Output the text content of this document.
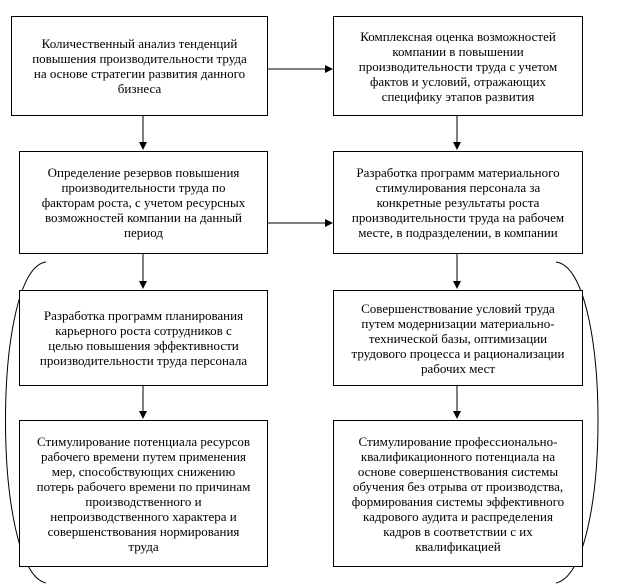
Количественный анализ тенденций
повышения производительности труда
на основе стратегии развития данного
бизнеса
Определение резервов повышения
производительности труда по
факторам роста, с учетом ресурсных
возможностей компании на данный
период
Разработка программ планирования
карьерного роста сотрудников с
целью повышения эффективности
производительности труда персонала
Стимулирование потенциала ресурсов
рабочего времени путем применения
мер, способствующих снижению
потерь рабочего времени по причинам
производственного и
непроизводственного характера и
совершенствования нормирования
труда
Комплексная оценка возможностей
компании в повышении
производительности труда с учетом
фактов и условий, отражающих
специфику этапов развития
Разработка программ материального
стимулирования персонала за
конкретные результаты роста
производительности труда на рабочем
месте, в подразделении, в компании
Совершенствование условий труда
путем модернизации материально-
технической базы, оптимизации
трудового процесса и рационализации
рабочих мест
Стимулирование профессионально-
квалификационного потенциала на
основе совершенствования системы
обучения без отрыва от производства,
формирования системы эффективного
кадрового аудита и распределения
кадров в соответствии с их
квалификацией
